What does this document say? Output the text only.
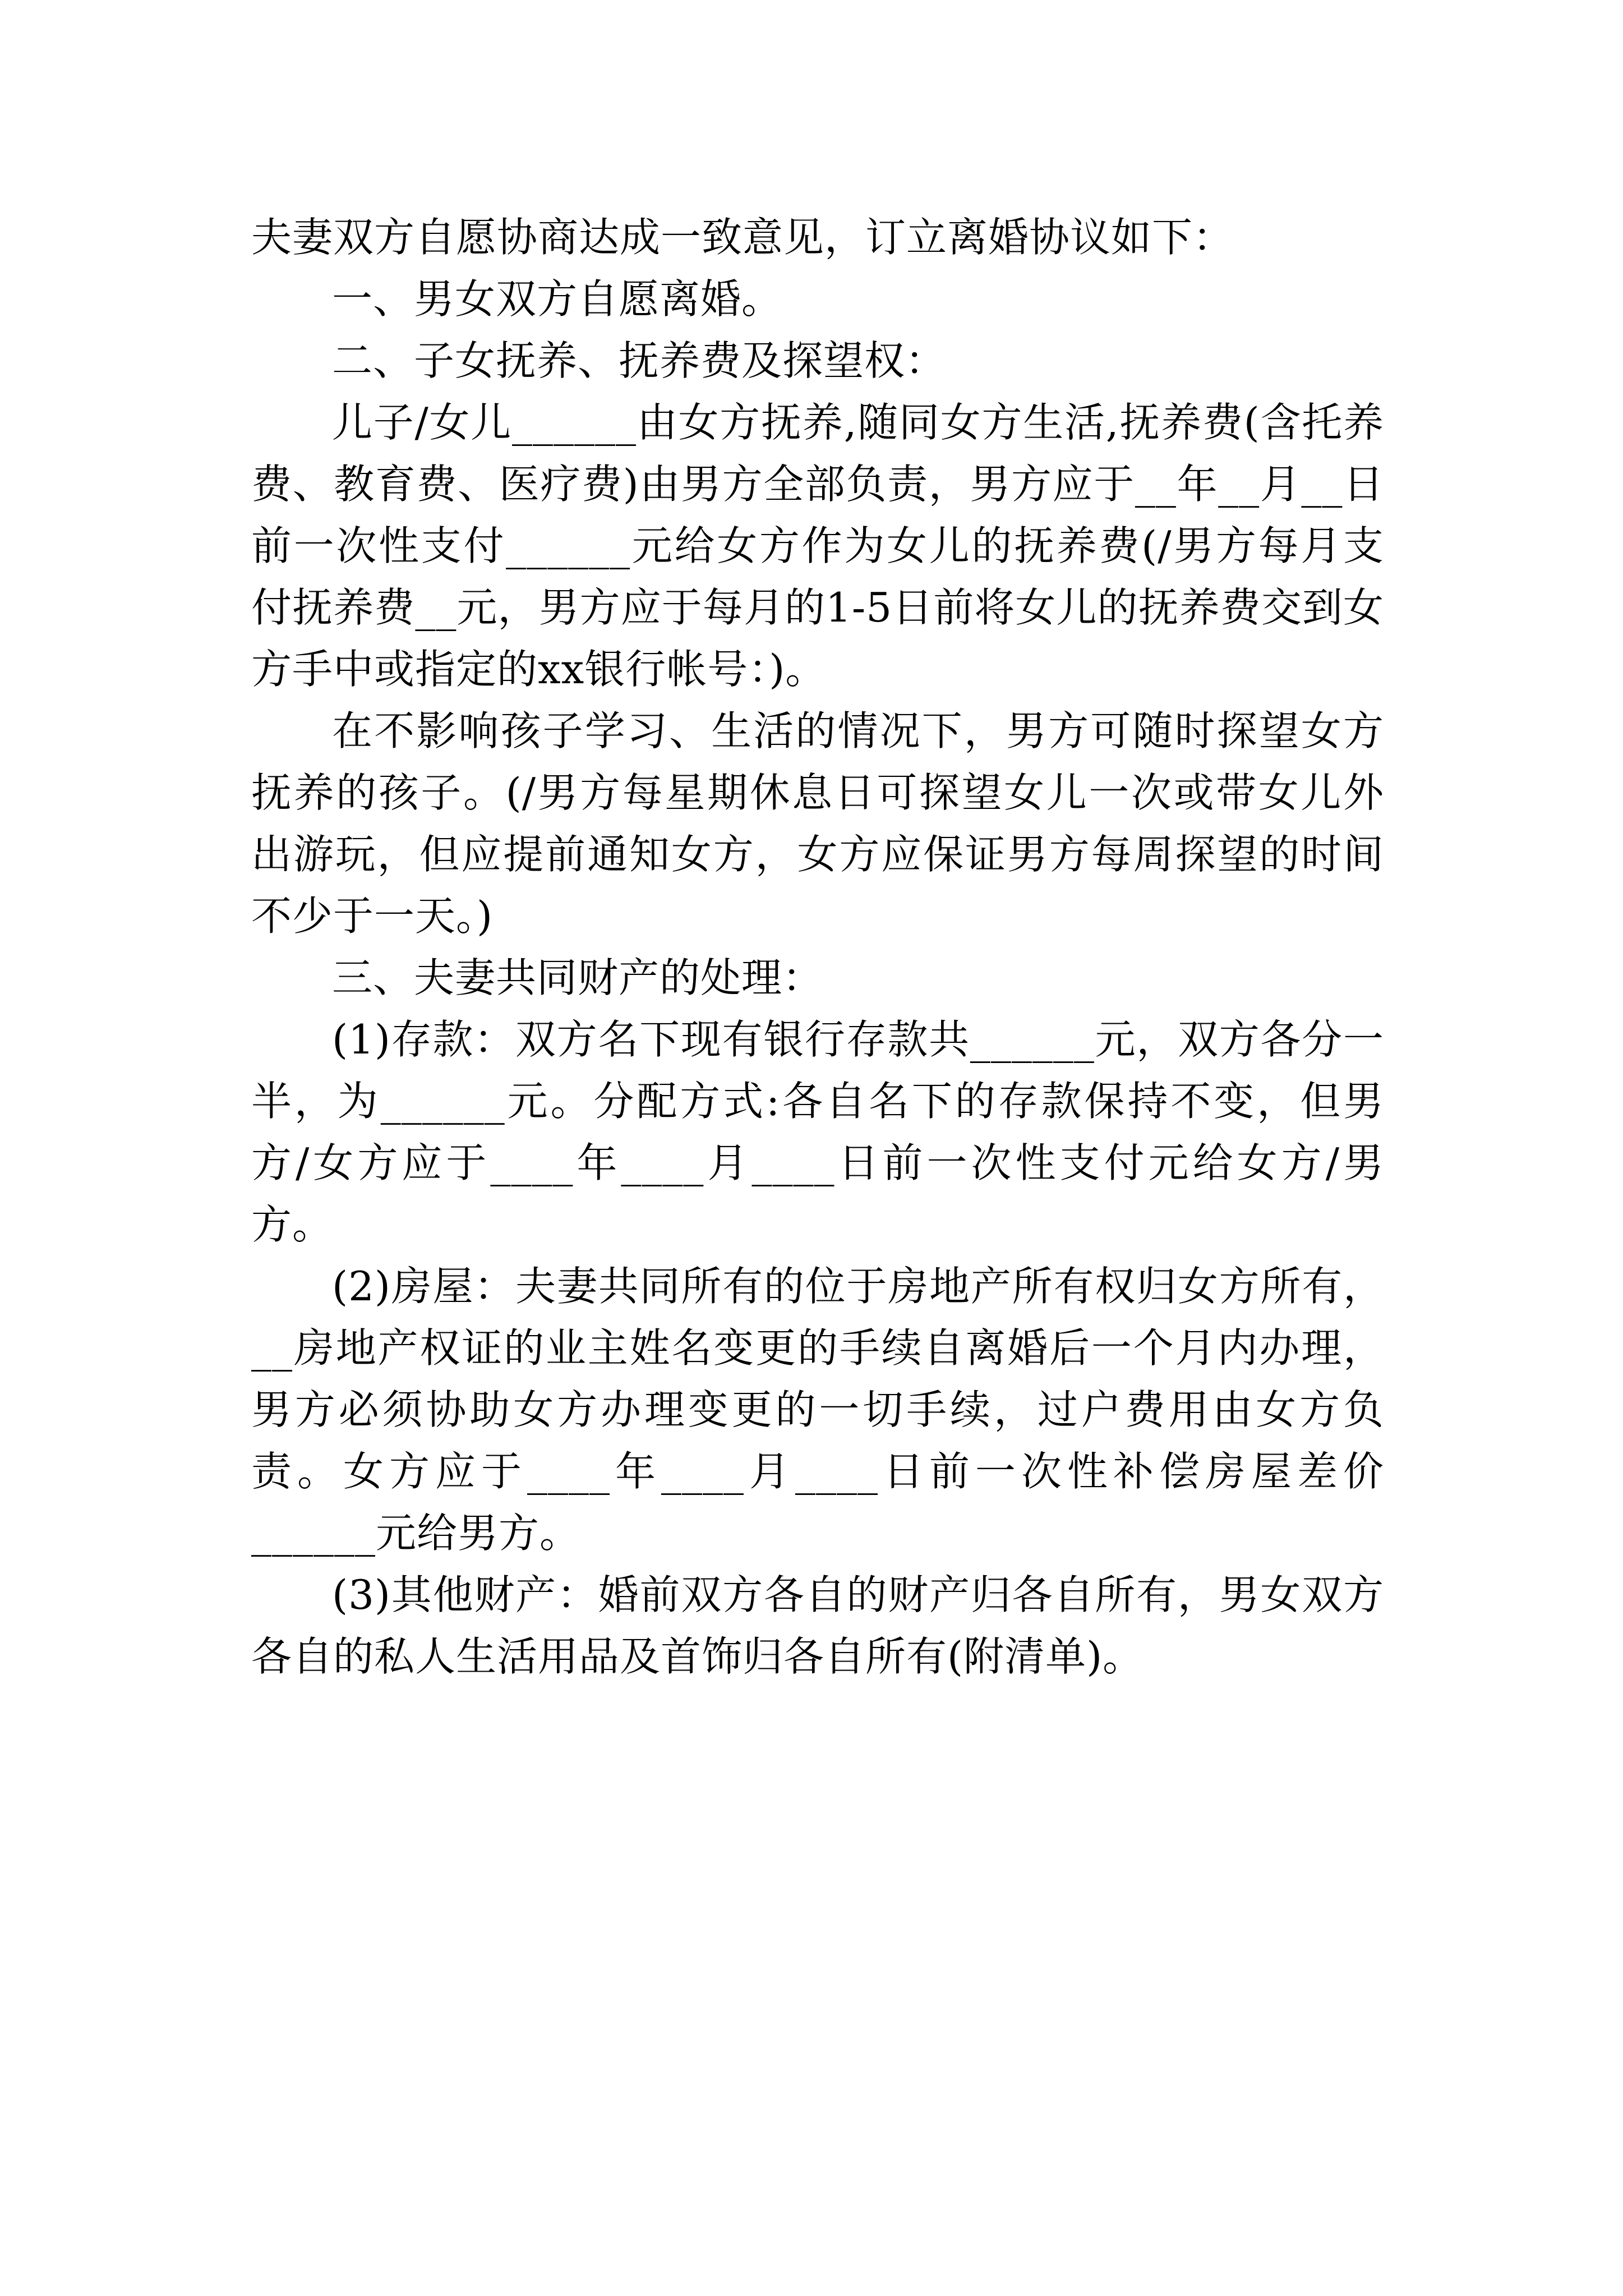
夫妻双方自愿协商达成一致意见，订立离婚协议如下：

一、男女双方自愿离婚。

二、子女抚养、抚养费及探望权：

儿子/女儿______由女方抚养,随同女方生活,抚养费(含托养费、教育费、医疗费)由男方全部负责，男方应于__年__月__日前一次性支付______元给女方作为女儿的抚养费(/男方每月支付抚养费__元，男方应于每月的1-5日前将女儿的抚养费交到女方手中或指定的xx银行帐号：)。

在不影响孩子学习、生活的情况下，男方可随时探望女方抚养的孩子。(/男方每星期休息日可探望女儿一次或带女儿外出游玩，但应提前通知女方，女方应保证男方每周探望的时间不少于一天。)

三、夫妻共同财产的处理：

(1)存款：双方名下现有银行存款共______元，双方各分一半，为______元。分配方式:各自名下的存款保持不变，但男方/女方应于____年____月____日前一次性支付元给女方/男方。

(2)房屋：夫妻共同所有的位于房地产所有权归女方所有，__房地产权证的业主姓名变更的手续自离婚后一个月内办理，男方必须协助女方办理变更的一切手续，过户费用由女方负责。女方应于____年____月____日前一次性补偿房屋差价______元给男方。

(3)其他财产：婚前双方各自的财产归各自所有，男女双方各自的私人生活用品及首饰归各自所有(附清单)。
